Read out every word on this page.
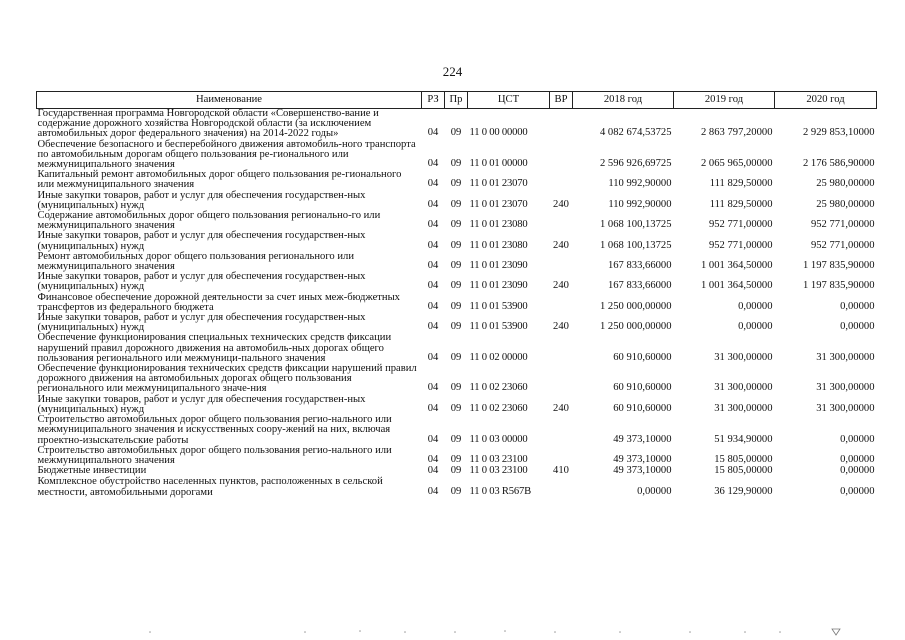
224
Наименование	РЗ	Пр	ЦСТ	ВР	2018 год	2019 год	2020 год
Государственная программа Новгородской области «Совершенство-вание и содержание дорожного хозяйства Новгородской области (за исключением автомобильных дорог федерального значения) на 2014-2022 годы»	04	09	11 0 00 00000		4 082 674,53725	2 863 797,20000	2 929 853,10000
Обеспечение безопасного и бесперебойного движения автомобиль-ного транспорта по автомобильным дорогам общего пользования ре-гионального или межмуниципального значения	04	09	11 0 01 00000		2 596 926,69725	2 065 965,00000	2 176 586,90000
Капитальный ремонт автомобильных дорог общего пользования ре-гионального или межмуниципального значения	04	09	11 0 01 23070		110 992,90000	111 829,50000	25 980,00000
Иные закупки товаров, работ и услуг для обеспечения государствен-ных (муниципальных) нужд	04	09	11 0 01 23070	240	110 992,90000	111 829,50000	25 980,00000
Содержание автомобильных дорог общего пользования регионально-го или межмуниципального значения	04	09	11 0 01 23080		1 068 100,13725	952 771,00000	952 771,00000
Иные закупки товаров, работ и услуг для обеспечения государствен-ных (муниципальных) нужд	04	09	11 0 01 23080	240	1 068 100,13725	952 771,00000	952 771,00000
Ремонт автомобильных дорог общего пользования регионального или межмуниципального значения	04	09	11 0 01 23090		167 833,66000	1 001 364,50000	1 197 835,90000
Иные закупки товаров, работ и услуг для обеспечения государствен-ных (муниципальных) нужд	04	09	11 0 01 23090	240	167 833,66000	1 001 364,50000	1 197 835,90000
Финансовое обеспечение дорожной деятельности за счет иных меж-бюджетных трансфертов из федерального бюджета	04	09	11 0 01 53900		1 250 000,00000	0,00000	0,00000
Иные закупки товаров, работ и услуг для обеспечения государствен-ных (муниципальных) нужд	04	09	11 0 01 53900	240	1 250 000,00000	0,00000	0,00000
Обеспечение функционирования специальных технических средств фиксации нарушений правил дорожного движения на автомобиль-ных дорогах общего пользования регионального или межмуници-пального значения	04	09	11 0 02 00000		60 910,60000	31 300,00000	31 300,00000
Обеспечение функционирования технических средств фиксации нарушений правил дорожного движения на автомобильных дорогах общего пользования регионального или межмуниципального значе-ния	04	09	11 0 02 23060		60 910,60000	31 300,00000	31 300,00000
Иные закупки товаров, работ и услуг для обеспечения государствен-ных (муниципальных) нужд	04	09	11 0 02 23060	240	60 910,60000	31 300,00000	31 300,00000
Строительство автомобильных дорог общего пользования регио-нального или межмуниципального значения и искусственных соору-жений на них, включая проектно-изыскательские работы	04	09	11 0 03 00000		49 373,10000	51 934,90000	0,00000
Строительство автомобильных дорог общего пользования регио-нального или межмуниципального значения	04	09	11 0 03 23100		49 373,10000	15 805,00000	0,00000
Бюджетные инвестиции	04	09	11 0 03 23100	410	49 373,10000	15 805,00000	0,00000
Комплексное обустройство населенных пунктов, расположенных в сельской местности, автомобильными дорогами	04	09	11 0 03 R567B		0,00000	36 129,90000	0,00000
